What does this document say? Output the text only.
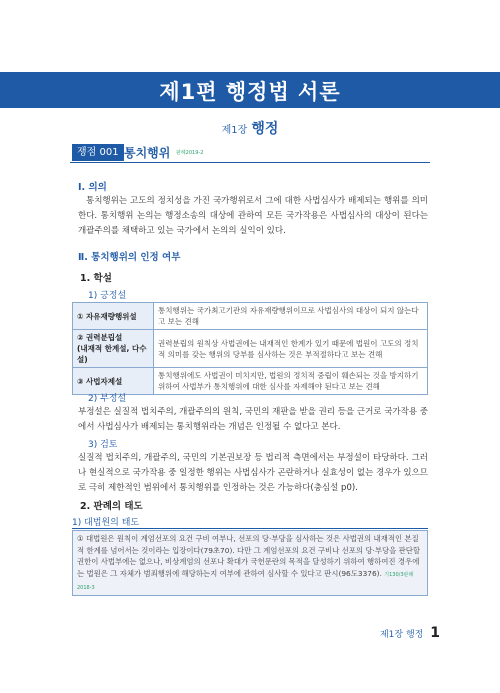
제1편 행정법 서론
제1장 행정
쟁점 001 통치행위 판례2019-2
Ⅰ. 의의
통치행위는 고도의 정치성을 가진 국가행위로서 그에 대한 사법심사가 배제되는 행위를 의미한다. 통치행위 논의는 행정소송의 대상에 관하여 모든 국가작용은 사법심사의 대상이 된다는 개괄주의를 채택하고 있는 국가에서 논의의 실익이 있다.
Ⅱ. 통치행위의 인정 여부
1. 학설
1) 긍정설
① 자유재량행위설	통치행위는 국가최고기관의 자유재량행위이므로 사법심사의 대상이 되지 않는다고 보는 견해
② 권력분립설
(내재적 한계설, 다수설)	권력분립의 원칙상 사법권에는 내재적인 한계가 있기 때문에 법원이 고도의 정치적 의미를 갖는 행위의 당부를 심사하는 것은 부적절하다고 보는 견해
③ 사법자제설	통치행위에도 사법권이 미치지만, 법원의 정치적 중립이 훼손되는 것을 방지하기 위하여 사법부가 통치행위에 대한 심사를 자제해야 된다고 보는 견해
2) 부정설
부정설은 실질적 법치주의, 개괄주의의 원칙, 국민의 재판을 받을 권리 등을 근거로 국가작용 중에서 사법심사가 배제되는 통치행위라는 개념은 인정될 수 없다고 본다.
3) 검토
실질적 법치주의, 개괄주의, 국민의 기본권보장 등 법리적 측면에서는 부정설이 타당하다. 그러나 현실적으로 국가작용 중 일정한 행위는 사법심사가 곤란하거나 실효성이 없는 경우가 있으므로 극히 제한적인 범위에서 통치행위를 인정하는 것은 가능하다(충심설 p0).
2. 판례의 태도
1) 대법원의 태도
① 대법원은 원칙이 계엄선포의 요건 구비 여부나, 선포의 당·부당을 심사하는 것은 사법권의 내재적인 본질적 한계를 넘어서는 것이라는 입장이다(79초70). 다만 그 계엄선포의 요건 구비나 선포의 당·부당을 판단할 권한이 사법부에는 없으나, 비상계엄의 선포나 확대가 국헌문란의 목적을 달성하기 위하여 행하여진 경우에는 법원은 그 자체가 범죄행위에 해당하는지 여부에 관하여 심사할 수 있다고 판시(96도3376). 기130/3판례 2018-3
제1장 행정 1
